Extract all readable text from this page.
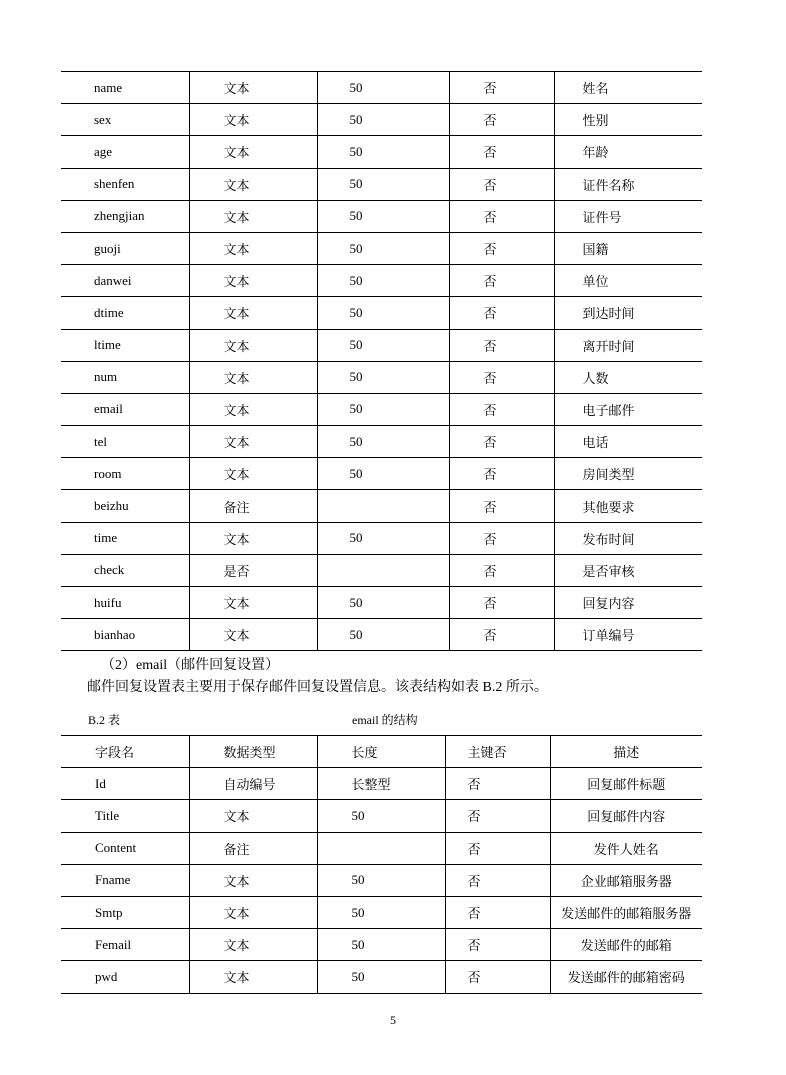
name	文本	50	否	姓名
sex	文本	50	否	性别
age	文本	50	否	年龄
shenfen	文本	50	否	证件名称
zhengjian	文本	50	否	证件号
guoji	文本	50	否	国籍
danwei	文本	50	否	单位
dtime	文本	50	否	到达时间
ltime	文本	50	否	离开时间
num	文本	50	否	人数
email	文本	50	否	电子邮件
tel	文本	50	否	电话
room	文本	50	否	房间类型
beizhu	备注		否	其他要求
time	文本	50	否	发布时间
check	是否		否	是否审核
huifu	文本	50	否	回复内容
bianhao	文本	50	否	订单编号
（2）email（邮件回复设置）
邮件回复设置表主要用于保存邮件回复设置信息。该表结构如表 B.2 所示。
B.2 表	email 的结构
字段名	数据类型	长度	主键否	描述
Id	自动编号	长整型	否	回复邮件标题
Title	文本	50	否	回复邮件内容
Content	备注		否	发件人姓名
Fname	文本	50	否	企业邮箱服务器
Smtp	文本	50	否	发送邮件的邮箱服务器
Femail	文本	50	否	发送邮件的邮箱
pwd	文本	50	否	发送邮件的邮箱密码
5
